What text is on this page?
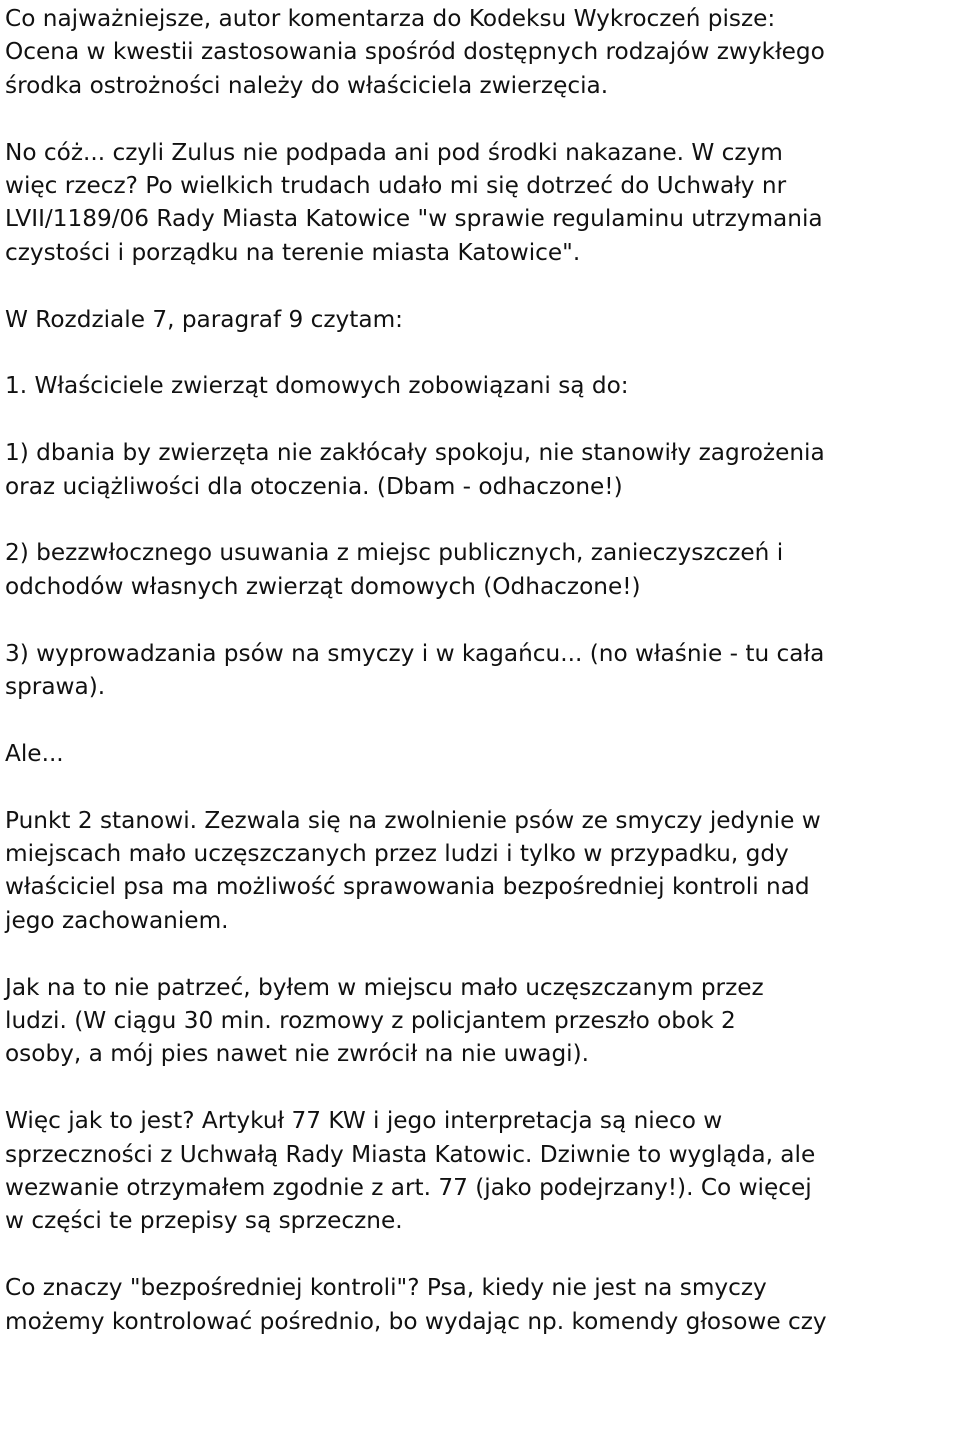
Co najważniejsze, autor komentarza do Kodeksu Wykroczeń pisze:
Ocena w kwestii zastosowania spośród dostępnych rodzajów zwykłego
środka ostrożności należy do właściciela zwierzęcia.

No cóż... czyli Zulus nie podpada ani pod środki nakazane. W czym
więc rzecz? Po wielkich trudach udało mi się dotrzeć do Uchwały nr
LVII/1189/06 Rady Miasta Katowice "w sprawie regulaminu utrzymania
czystości i porządku na terenie miasta Katowice".

W Rozdziale 7, paragraf 9 czytam:

1. Właściciele zwierząt domowych zobowiązani są do:

1) dbania by zwierzęta nie zakłócały spokoju, nie stanowiły zagrożenia
oraz uciążliwości dla otoczenia. (Dbam - odhaczone!)

2) bezzwłocznego usuwania z miejsc publicznych, zanieczyszczeń i
odchodów własnych zwierząt domowych (Odhaczone!)

3) wyprowadzania psów na smyczy i w kagańcu... (no właśnie - tu cała
sprawa).

Ale...

Punkt 2 stanowi. Zezwala się na zwolnienie psów ze smyczy jedynie w
miejscach mało uczęszczanych przez ludzi i tylko w przypadku, gdy
właściciel psa ma możliwość sprawowania bezpośredniej kontroli nad
jego zachowaniem.

Jak na to nie patrzeć, byłem w miejscu mało uczęszczanym przez
ludzi. (W ciągu 30 min. rozmowy z policjantem przeszło obok 2
osoby, a mój pies nawet nie zwrócił na nie uwagi).

Więc jak to jest? Artykuł 77 KW i jego interpretacja są nieco w
sprzeczności z Uchwałą Rady Miasta Katowic. Dziwnie to wygląda, ale
wezwanie otrzymałem zgodnie z art. 77 (jako podejrzany!). Co więcej
w części te przepisy są sprzeczne.

Co znaczy "bezpośredniej kontroli"? Psa, kiedy nie jest na smyczy
możemy kontrolować pośrednio, bo wydając np. komendy głosowe czy
